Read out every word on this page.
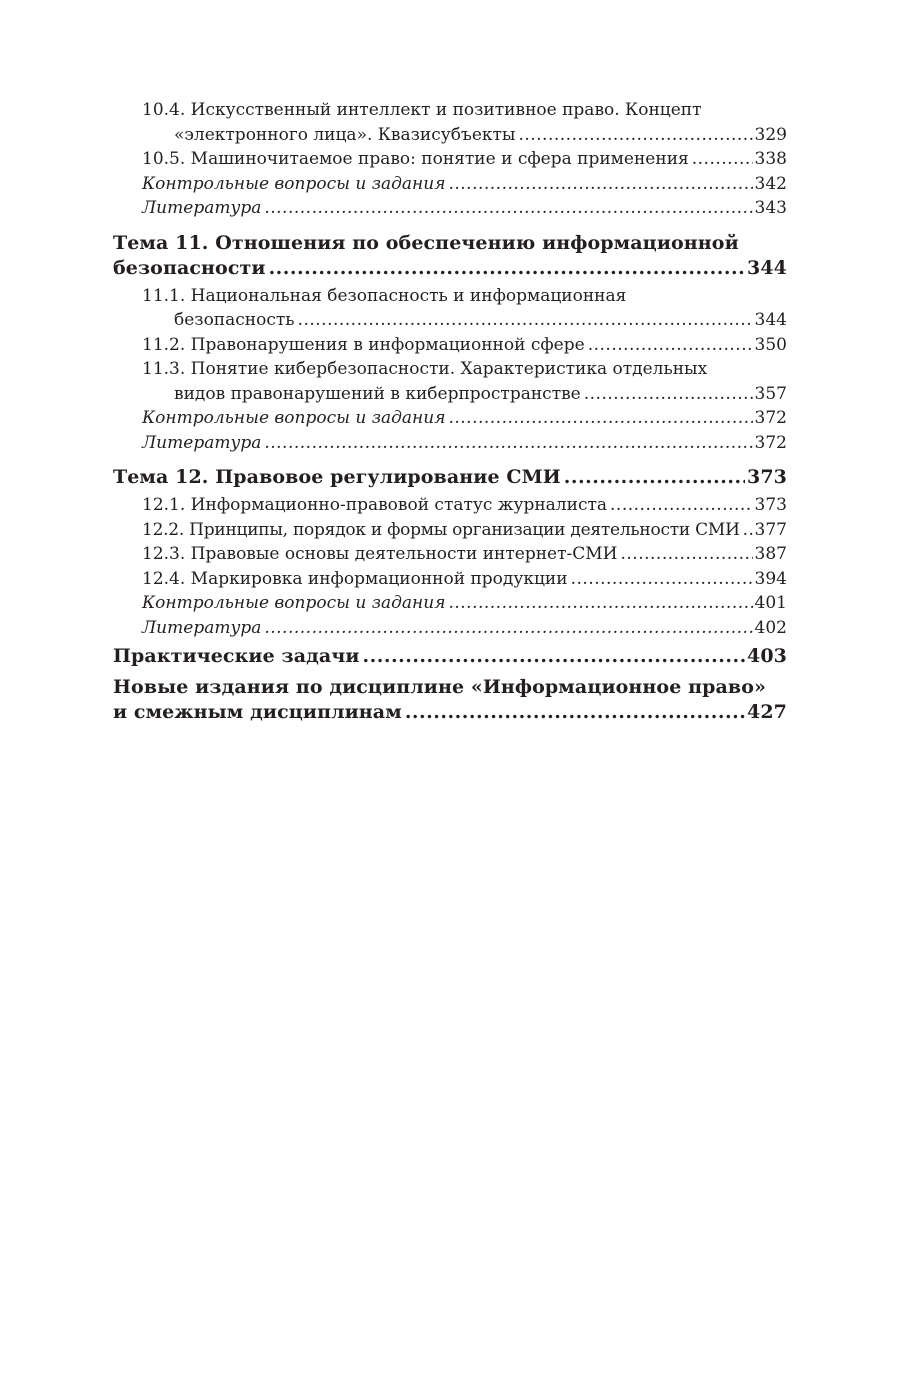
10.4. Искусственный интеллект и позитивное право. Концепт
«электронного лица». Квазисубъекты .....	329
10.5. Машиночитаемое право: понятие и сфера применения .....	338
Контрольные вопросы и задания .....	342
Литература .....	343
Тема 11. Отношения по обеспечению информационной
безопасности .....	344
11.1. Национальная безопасность и информационная
безопасность .....	344
11.2. Правонарушения в информационной сфере .....	350
11.3. Понятие кибербезопасности. Характеристика отдельных
видов правонарушений в киберпространстве .....	357
Контрольные вопросы и задания .....	372
Литература .....	372
Тема 12. Правовое регулирование СМИ .....	373
12.1. Информационно-правовой статус журналиста .....	373
12.2. Принципы, порядок и формы организации деятельности СМИ ..... 377
12.3. Правовые основы деятельности интернет-СМИ .....	387
12.4. Маркировка информационной продукции .....	394
Контрольные вопросы и задания .....	401
Литература .....	402
Практические задачи .....	403
Новые издания по дисциплине «Информационное право»
и смежным дисциплинам .....	427
